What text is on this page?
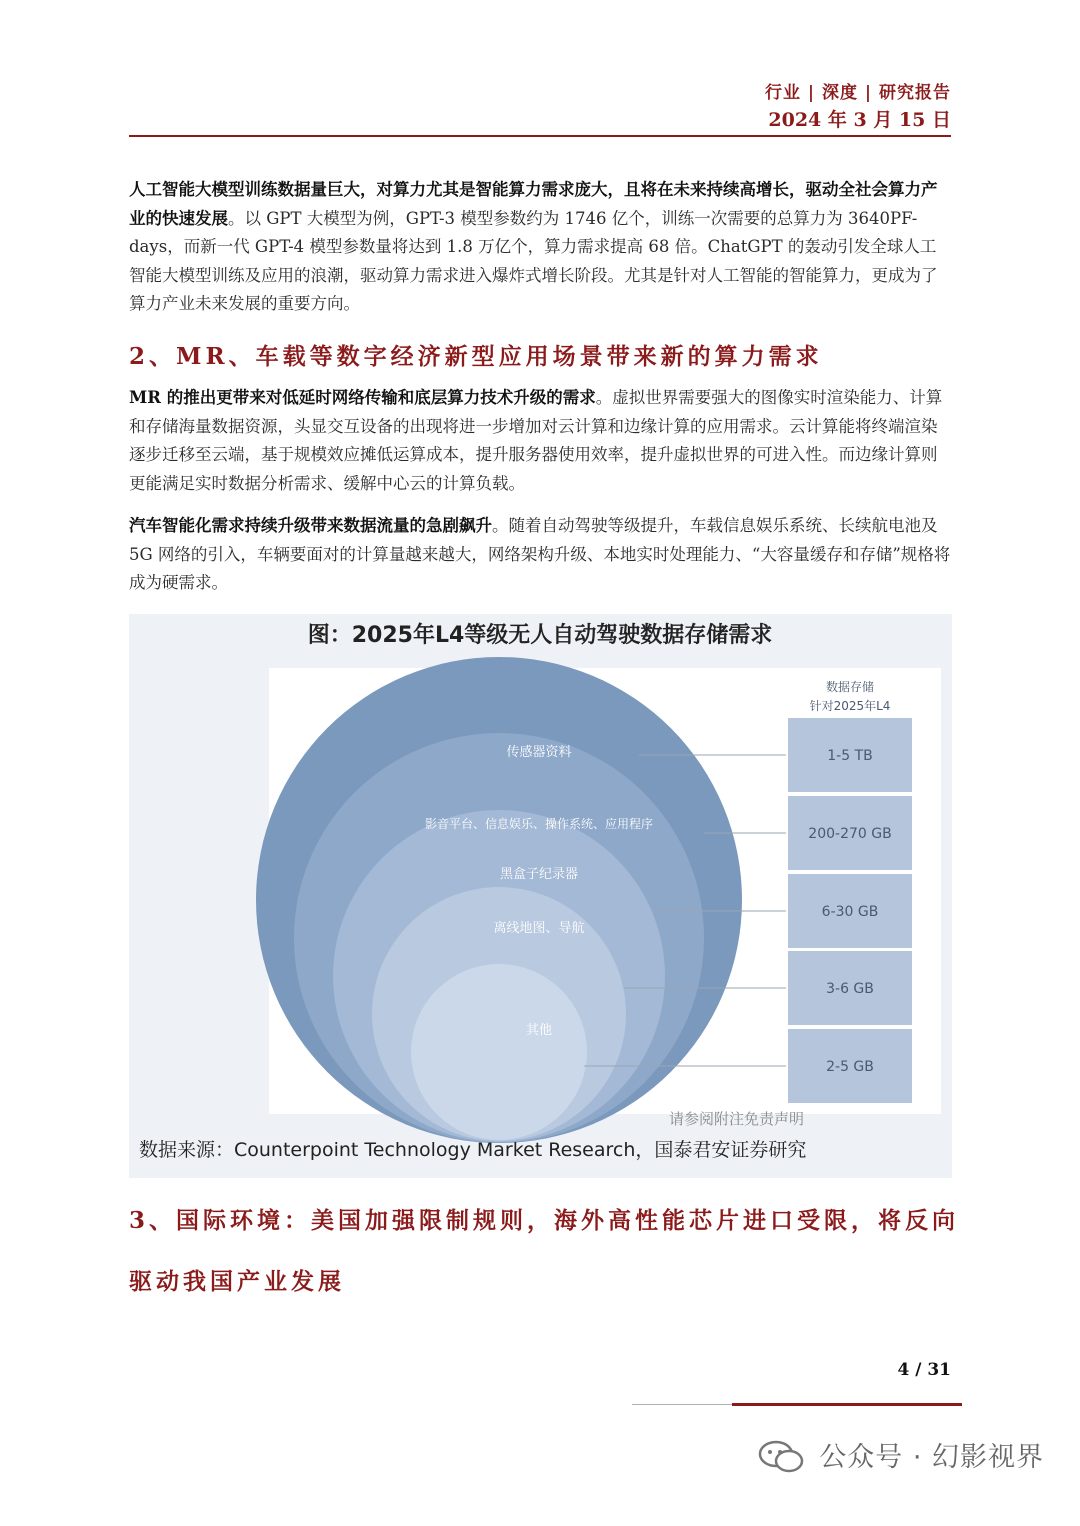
行业 | 深度 | 研究报告
2024 年 3 月 15 日

人工智能大模型训练数据量巨大，对算力尤其是智能算力需求庞大，且将在未来持续高增长，驱动全社会算力产业的快速发展。以 GPT 大模型为例，GPT-3 模型参数约为 1746 亿个，训练一次需要的总算力为 3640PF-days，而新一代 GPT-4 模型参数量将达到 1.8 万亿个，算力需求提高 68 倍。ChatGPT 的轰动引发全球人工智能大模型训练及应用的浪潮，驱动算力需求进入爆炸式增长阶段。尤其是针对人工智能的智能算力，更成为了算力产业未来发展的重要方向。

2、MR、车载等数字经济新型应用场景带来新的算力需求

MR 的推出更带来对低延时网络传输和底层算力技术升级的需求。虚拟世界需要强大的图像实时渲染能力、计算和存储海量数据资源，头显交互设备的出现将进一步增加对云计算和边缘计算的应用需求。云计算能将终端渲染逐步迁移至云端，基于规模效应摊低运算成本，提升服务器使用效率，提升虚拟世界的可进入性。而边缘计算则更能满足实时数据分析需求、缓解中心云的计算负载。

汽车智能化需求持续升级带来数据流量的急剧飙升。随着自动驾驶等级提升，车载信息娱乐系统、长续航电池及 5G 网络的引入，车辆要面对的计算量越来越大，网络架构升级、本地实时处理能力、“大容量缓存和存储”规格将成为硬需求。

图：2025年L4等级无人自动驾驶数据存储需求
传感器资料
影音平台、信息娱乐、操作系统、应用程序
黑盒子纪录器
离线地图、导航
其他
数据存储
针对2025年L4
1-5 TB
200-270 GB
6-30 GB
3-6 GB
2-5 GB
请参阅附注免责声明
数据来源：Counterpoint Technology Market Research，国泰君安证券研究
3、国际环境：美国加强限制规则，海外高性能芯片进口受限，将反向驱动我国产业发展
4 / 31
公众号 · 幻影视界
